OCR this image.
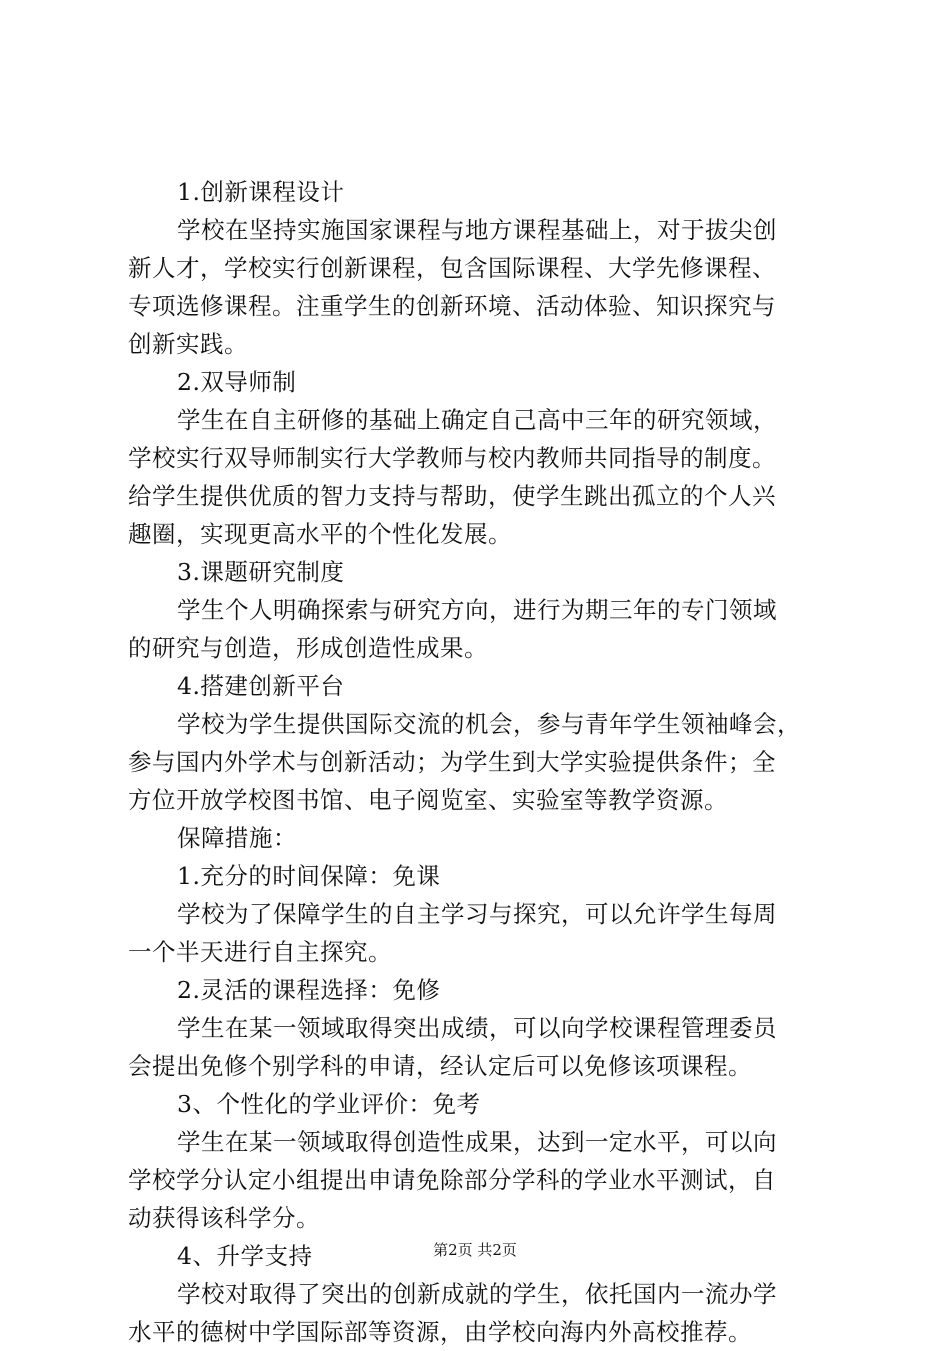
1.创新课程设计
学校在坚持实施国家课程与地方课程基础上，对于拔尖创
新人才，学校实行创新课程，包含国际课程、大学先修课程、
专项选修课程。注重学生的创新环境、活动体验、知识探究与
创新实践。
2.双导师制
学生在自主研修的基础上确定自己高中三年的研究领域，
学校实行双导师制实行大学教师与校内教师共同指导的制度。
给学生提供优质的智力支持与帮助，使学生跳出孤立的个人兴
趣圈，实现更高水平的个性化发展。
3.课题研究制度
学生个人明确探索与研究方向，进行为期三年的专门领域
的研究与创造，形成创造性成果。
4.搭建创新平台
学校为学生提供国际交流的机会，参与青年学生领袖峰会，
参与国内外学术与创新活动；为学生到大学实验提供条件；全
方位开放学校图书馆、电子阅览室、实验室等教学资源。
保障措施：
1.充分的时间保障：免课
学校为了保障学生的自主学习与探究，可以允许学生每周
一个半天进行自主探究。
2.灵活的课程选择：免修
学生在某一领域取得突出成绩，可以向学校课程管理委员
会提出免修个别学科的申请，经认定后可以免修该项课程。
3、个性化的学业评价：免考
学生在某一领域取得创造性成果，达到一定水平，可以向
学校学分认定小组提出申请免除部分学科的学业水平测试，自
动获得该科学分。
4、升学支持
学校对取得了突出的创新成就的学生，依托国内一流办学
水平的德树中学国际部等资源，由学校向海内外高校推荐。
第2页 共2页
